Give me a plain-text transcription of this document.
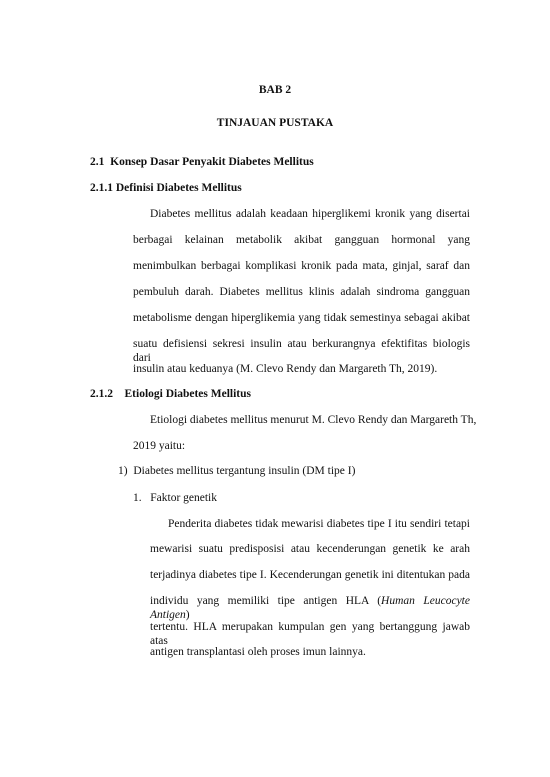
BAB 2
TINJAUAN PUSTAKA
2.1 Konsep Dasar Penyakit Diabetes Mellitus
2.1.1 Definisi Diabetes Mellitus
Diabetes mellitus adalah keadaan hiperglikemi kronik yang disertai
berbagai kelainan metabolik akibat gangguan hormonal yang
menimbulkan berbagai komplikasi kronik pada mata, ginjal, saraf dan
pembuluh darah. Diabetes mellitus klinis adalah sindroma gangguan
metabolisme dengan hiperglikemia yang tidak semestinya sebagai akibat
suatu defisiensi sekresi insulin atau berkurangnya efektifitas biologis dari
insulin atau keduanya (M. Clevo Rendy dan Margareth Th, 2019).
2.1.2 Etiologi Diabetes Mellitus
Etiologi diabetes mellitus menurut M. Clevo Rendy dan Margareth Th,
2019 yaitu:
1) Diabetes mellitus tergantung insulin (DM tipe I)
1. Faktor genetik
Penderita diabetes tidak mewarisi diabetes tipe I itu sendiri tetapi
mewarisi suatu predisposisi atau kecenderungan genetik ke arah
terjadinya diabetes tipe I. Kecenderungan genetik ini ditentukan pada
individu yang memiliki tipe antigen HLA (Human Leucocyte Antigen)
tertentu. HLA merupakan kumpulan gen yang bertanggung jawab atas
antigen transplantasi oleh proses imun lainnya.
